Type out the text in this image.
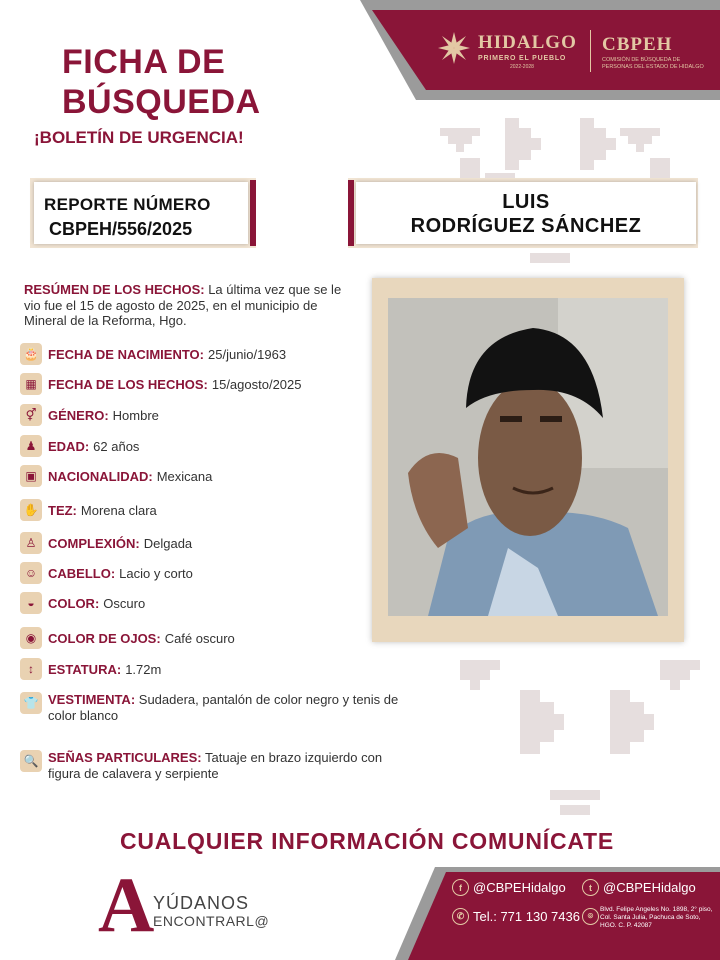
HIDALGO
PRIMERO EL PUEBLO
2022-2028
CBPEH
COMISIÓN DE BÚSQUEDA DE PERSONAS DEL ESTADO DE HIDALGO
FICHA DE
BÚSQUEDA
¡BOLETÍN DE URGENCIA!
REPORTE NÚMERO
CBPEH/556/2025
LUIS
RODRÍGUEZ SÁNCHEZ
RESÚMEN DE LOS HECHOS: La última vez que se le vio fue el 15 de agosto de 2025, en el municipio de Mineral de la Reforma, Hgo.
🎂 FECHA DE NACIMIENTO: 25/junio/1963
▦ FECHA DE LOS HECHOS: 15/agosto/2025
⚥ GÉNERO: Hombre
♟ EDAD: 62 años
▣ NACIONALIDAD: Mexicana
✋ TEZ: Morena clara
♙ COMPLEXIÓN: Delgada
☺ CABELLO: Lacio y corto
◒	COLOR: Oscuro
◉ COLOR DE OJOS: Café oscuro
↕	ESTATURA: 1.72m
👕 VESTIMENTA: Sudadera, pantalón de color negro y tenis de color blanco
🔍 SEÑAS PARTICULARES: Tatuaje en brazo izquierdo con figura de calavera y serpiente
CUALQUIER INFORMACIÓN COMUNÍCATE
A
YÚDANOS
ENCONTRARL@
f @CBPEHidalgo	t @CBPEHidalgo
✆ Tel.: 771 130 7436 ⌾
Blvd. Felipe Angeles No. 1898, 2° piso, Col. Santa Julia, Pachuca de Soto, HGO. C. P. 42087
